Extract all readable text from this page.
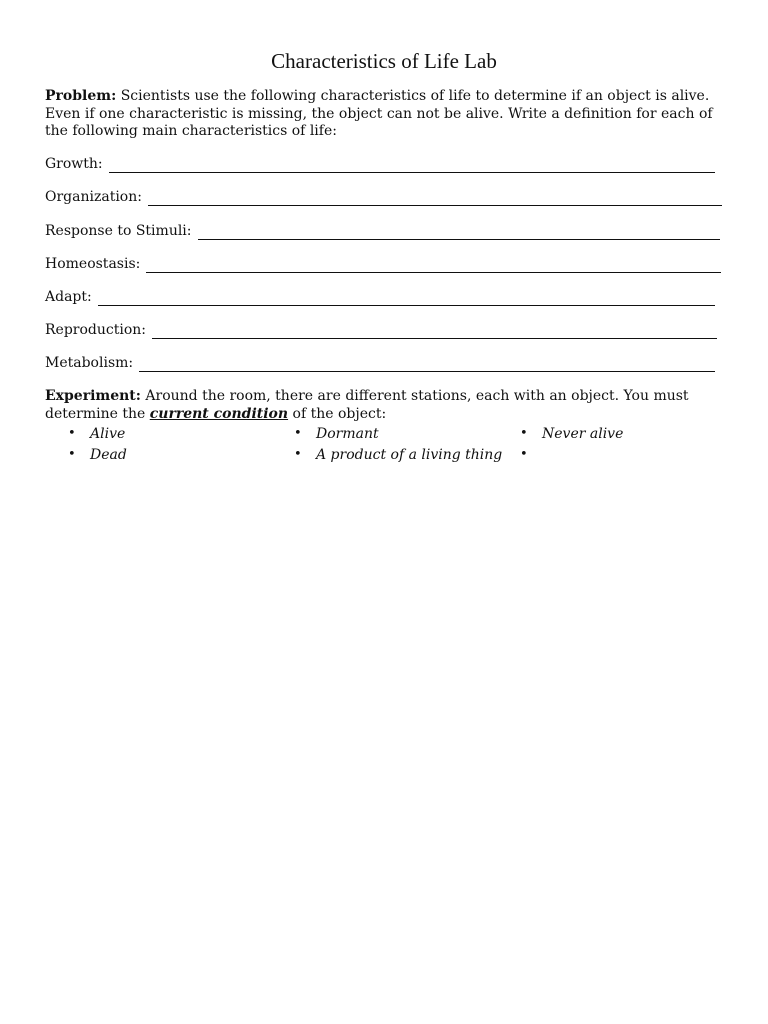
Characteristics of Life Lab
Problem: Scientists use the following characteristics of life to determine if an object is alive. Even if one characteristic is missing, the object can not be alive. Write a definition for each of the following main characteristics of life:
Growth:
Organization:
Response to Stimuli:
Homeostasis:
Adapt:
Reproduction:
Metabolism:
Experiment: Around the room, there are different stations, each with an object. You must determine the current condition of the object:
• Alive
• Dead
• Dormant
• A product of a living thing
• Never alive
•
